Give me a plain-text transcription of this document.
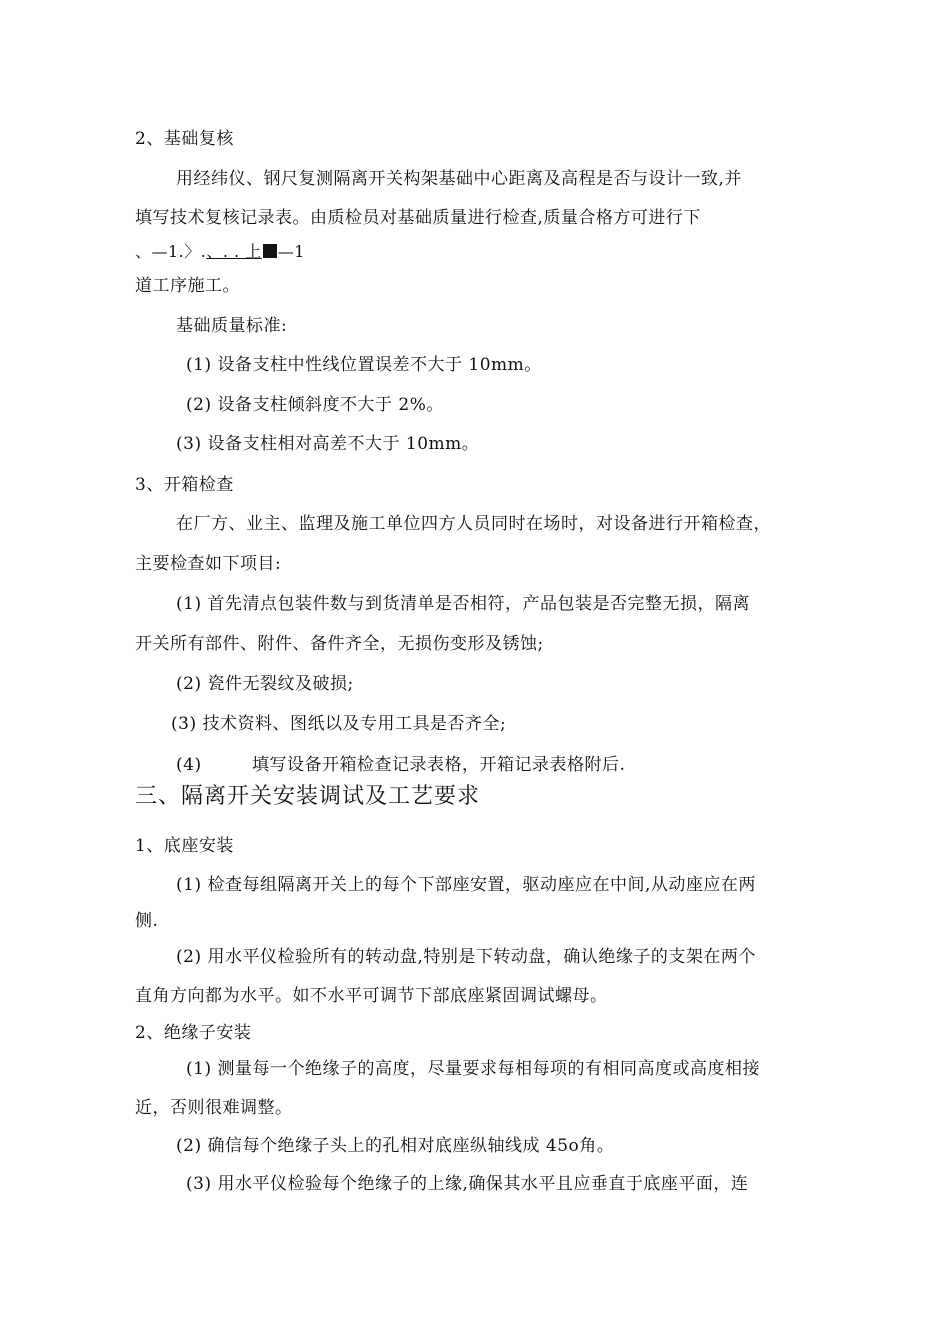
2、基础复核
用经纬仪、钢尺复测隔离开关构架基础中心距离及高程是否与设计一致,并
填写技术复核记录表。由质检员对基础质量进行检查,质量合格方可进行下
、—1.〉.、. . 上 —1
道工序施工。
基础质量标准:
(1) 设备支柱中性线位置误差不大于 10mm。
(2) 设备支柱倾斜度不大于 2%。
(3) 设备支柱相对高差不大于 10mm。
3、开箱检查
在厂方、业主、监理及施工单位四方人员同时在场时，对设备进行开箱检查，
主要检查如下项目:
(1) 首先清点包装件数与到货清单是否相符，产品包装是否完整无损，隔离
开关所有部件、附件、备件齐全，无损伤变形及锈蚀;
(2) 瓷件无裂纹及破损;
(3) 技术资料、图纸以及专用工具是否齐全;
(4)	填写设备开箱检查记录表格，开箱记录表格附后.
三、隔离开关安装调试及工艺要求
1、底座安装
(1) 检查每组隔离开关上的每个下部座安置，驱动座应在中间,从动座应在两
侧.
(2) 用水平仪检验所有的转动盘,特别是下转动盘，确认绝缘子的支架在两个
直角方向都为水平。如不水平可调节下部底座紧固调试螺母。
2、绝缘子安装
(1) 测量每一个绝缘子的高度，尽量要求每相每项的有相同高度或高度相接
近，否则很难调整。
(2) 确信每个绝缘子头上的孔相对底座纵轴线成 45o角。
(3) 用水平仪检验每个绝缘子的上缘,确保其水平且应垂直于底座平面，连
